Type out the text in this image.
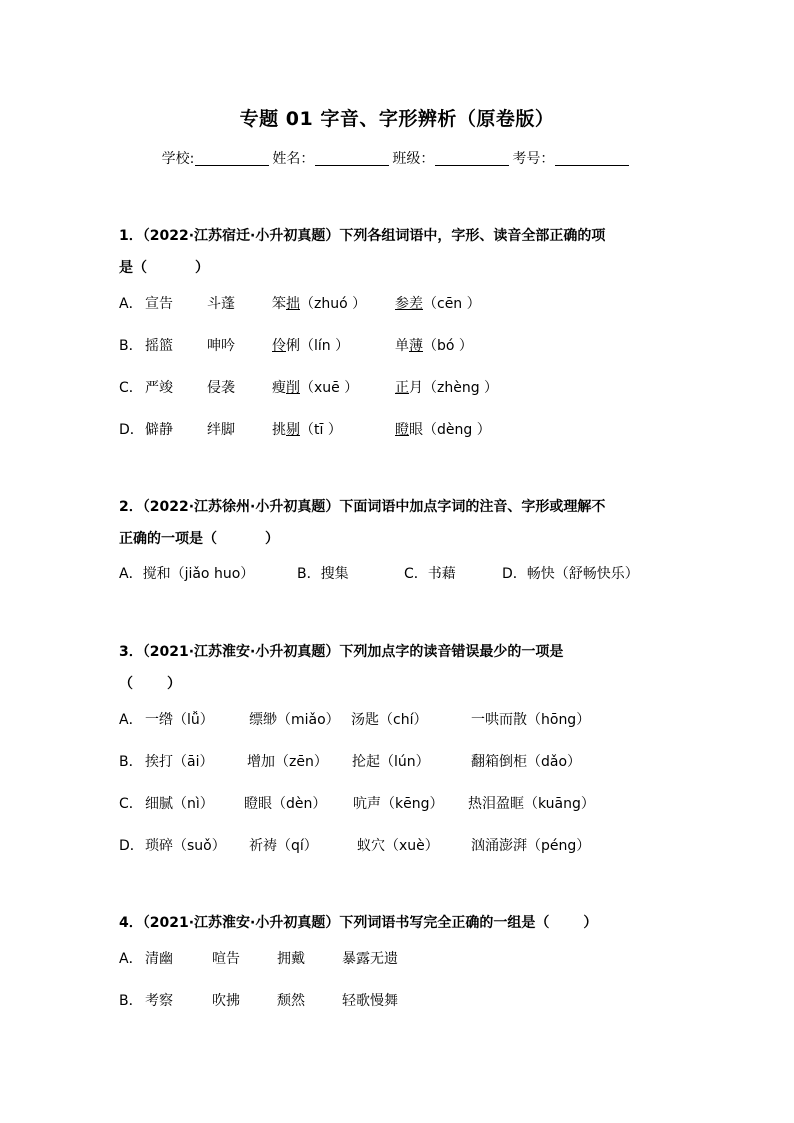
专题 01 字音、字形辨析（原卷版）
学校:	姓名：	班级：	考号：
1．（2022·江苏宿迁·小升初真题）下列各组词语中，字形、读音全部正确的项
是（	）
A． 宣告 斗蓬	笨拙（zhuó ） 参差（cēn ）
B． 摇篮 呻吟	伶俐（lín ）	单薄（bó ）
C． 严竣 侵袭	瘦削（xuē ）	正月（zhèng ）
D． 僻静 绊脚	挑剔（tī ）	瞪眼（dèng ）
2．（2022·江苏徐州·小升初真题）下面词语中加点字词的注音、字形或理解不
正确的一项是（	）
A．搅和（jiǎo huo）	B．搜集	C．书藉	D．畅快（舒畅快乐）
3．（2021·江苏淮安·小升初真题）下列加点字的读音错误最少的一项是
（ ）
A． 一绺（lǚ）	缥缈（miǎo） 汤匙（chí）	一哄而散（hōng）
B． 挨打（āi） 增加（zēn） 抡起（lún）	翻箱倒柜（dǎo）
C． 细腻（nì） 瞪眼（dèn） 吭声（kēng） 热泪盈眶（kuāng）
D． 琐碎（suǒ） 祈祷（qí）	蚁穴（xuè） 汹涌澎湃（péng）
4．（2021·江苏淮安·小升初真题）下列词语书写完全正确的一组是（ ）
A． 清幽	喧告	拥戴	暴露无遗
B． 考察	吹拂	颓然	轻歌慢舞
